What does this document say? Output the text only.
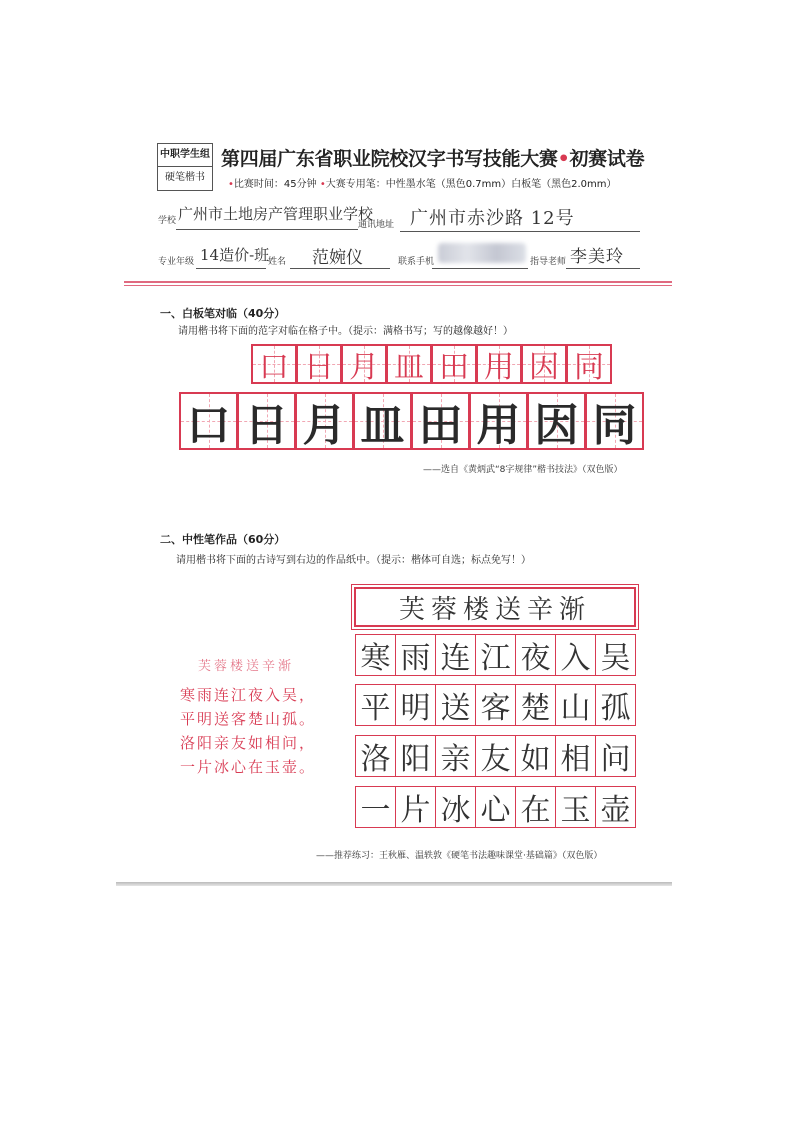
中职学生组
硬笔楷书
第四届广东省职业院校汉字书写技能大赛•初赛试卷
•比赛时间：45分钟 •大赛专用笔：中性墨水笔（黑色0.7mm）白板笔（黑色2.0mm）
学校 广州市土地房产管理职业学校
通讯地址 广州市赤沙路 12号
专业年级 14造价-班
姓名 范婉仪	联系手机	指导老师 李美玲
一、白板笔对临（40分）
请用楷书将下面的范字对临在格子中。（提示：满格书写；写的越像越好！）
口 日 月 皿 田 用 因 同
口 日 月 皿 田 用 因 同
——选自《黄炳武“8字规律”楷书技法》（双色版）
二、中性笔作品（60分）
请用楷书将下面的古诗写到右边的作品纸中。（提示：楷体可自选；标点免写！）
芙蓉楼送辛渐
寒雨连江夜入吴，
平明送客楚山孤。
洛阳亲友如相问，
一片冰心在玉壶。
芙蓉楼送辛渐
寒 雨 连 江 夜 入 吴
平 明 送 客 楚 山 孤
洛 阳 亲 友 如 相 问
一 片 冰 心 在 玉 壶
——推荐练习：王秋雁、温轶敦《硬笔书法趣味课堂·基础篇》（双色版）
